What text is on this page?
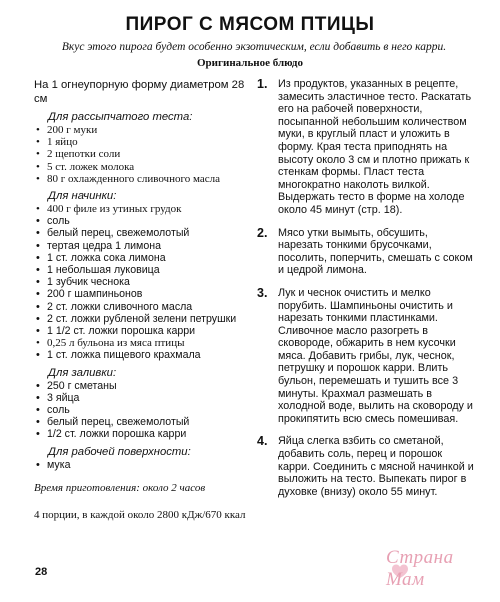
ПИРОГ С МЯСОМ ПТИЦЫ
Вкус этого пирога будет особенно экзотическим, если добавить в него карри.
Оригинальное блюдо
На 1 огнеупорную форму диаметром 28 см
Для рассыпчатого теста:
• 200 г муки
• 1 яйцо
• 2 щепотки соли
• 5 ст. ложек молока
• 80 г охлажденного сливочного масла
Для начинки:
• 400 г филе из утиных грудок
• соль
• белый перец, свежемолотый
• тертая цедра 1 лимона
• 1 ст. ложка сока лимона
• 1 небольшая луковица
• 1 зубчик чеснока
• 200 г шампиньонов
• 2 ст. ложки сливочного масла
• 2 ст. ложки рубленой зелени петрушки
• 1 1/2 ст. ложки порошка карри
• 0,25 л бульона из мяса птицы
• 1 ст. ложка пищевого крахмала
Для заливки:
• 250 г сметаны
• 3 яйца
• соль
• белый перец, свежемолотый
• 1/2 ст. ложки порошка карри
Для рабочей поверхности:
• мука
Время приготовления: около 2 часов
4 порции, в каждой около 2800 кДж/670 ккал
1. Из продуктов, указанных в рецепте, замесить эластичное тесто. Раскатать его на рабочей поверхности, посыпанной небольшим количеством муки, в круглый пласт и уложить в форму. Края теста приподнять на высоту около 3 см и плотно прижать к стенкам формы. Пласт теста многократно наколоть вилкой. Выдержать тесто в форме на холоде около 45 минут (стр. 18).
2. Мясо утки вымыть, обсушить, нарезать тонкими брусочками, посолить, поперчить, смешать с соком и цедрой лимона.
3. Лук и чеснок очистить и мелко порубить. Шампиньоны очистить и нарезать тонкими пластинками. Сливочное масло разогреть в сковороде, обжарить в нем кусочки мяса. Добавить грибы, лук, чеснок, петрушку и порошок карри. Влить бульон, перемешать и тушить все 3 минуты. Крахмал размешать в холодной воде, вылить на сковороду и прокипятить всю смесь помешивая.
4. Яйца слегка взбить со сметаной, добавить соль, перец и порошок карри. Соединить с мясной начинкой и выложить на тесто. Выпекать пирог в духовке (внизу) около 55 минут.
28
Страна Мам
